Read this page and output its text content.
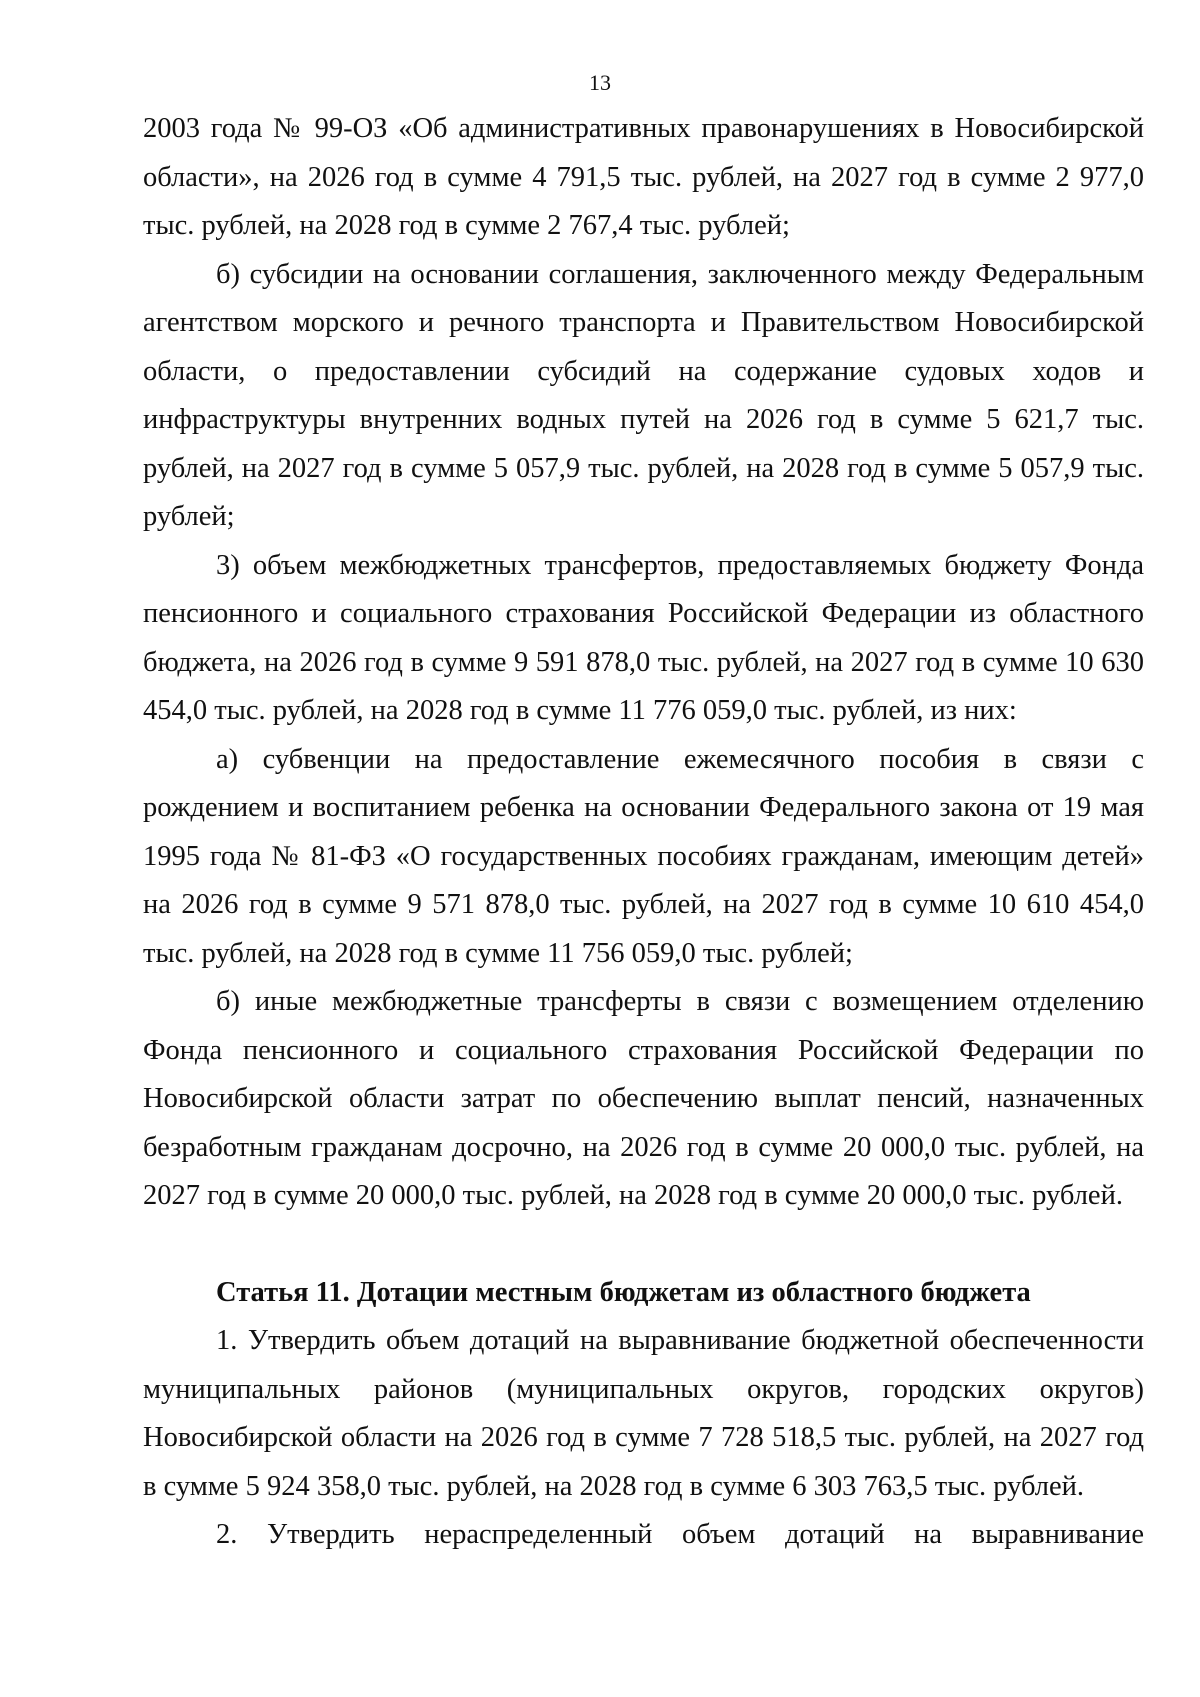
13

2003 года № 99-ОЗ «Об административных правонарушениях в Новосибирской области», на 2026 год в сумме 4 791,5 тыс. рублей, на 2027 год в сумме 2 977,0 тыс. рублей, на 2028 год в сумме 2 767,4 тыс. рублей;

б) субсидии на основании соглашения, заключенного между Федеральным агентством морского и речного транспорта и Правительством Новосибирской области, о предоставлении субсидий на содержание судовых ходов и инфраструктуры внутренних водных путей на 2026 год в сумме 5 621,7 тыс. рублей, на 2027 год в сумме 5 057,9 тыс. рублей, на 2028 год в сумме 5 057,9 тыс. рублей;

3) объем межбюджетных трансфертов, предоставляемых бюджету Фонда пенсионного и социального страхования Российской Федерации из областного бюджета, на 2026 год в сумме 9 591 878,0 тыс. рублей, на 2027 год в сумме 10 630 454,0 тыс. рублей, на 2028 год в сумме 11 776 059,0 тыс. рублей, из них:

а) субвенции на предоставление ежемесячного пособия в связи с рождением и воспитанием ребенка на основании Федерального закона от 19 мая 1995 года № 81-ФЗ «О государственных пособиях гражданам, имеющим детей» на 2026 год в сумме 9 571 878,0 тыс. рублей, на 2027 год в сумме 10 610 454,0 тыс. рублей, на 2028 год в сумме 11 756 059,0 тыс. рублей;

б) иные межбюджетные трансферты в связи с возмещением отделению Фонда пенсионного и социального страхования Российской Федерации по Новосибирской области затрат по обеспечению выплат пенсий, назначенных безработным гражданам досрочно, на 2026 год в сумме 20 000,0 тыс. рублей, на 2027 год в сумме 20 000,0 тыс. рублей, на 2028 год в сумме 20 000,0 тыс. рублей.

Статья 11. Дотации местным бюджетам из областного бюджета

1. Утвердить объем дотаций на выравнивание бюджетной обеспеченности муниципальных районов (муниципальных округов, городских округов) Новосибирской области на 2026 год в сумме 7 728 518,5 тыс. рублей, на 2027 год в сумме 5 924 358,0 тыс. рублей, на 2028 год в сумме 6 303 763,5 тыс. рублей.

2. Утвердить нераспределенный объем дотаций на выравнивание
